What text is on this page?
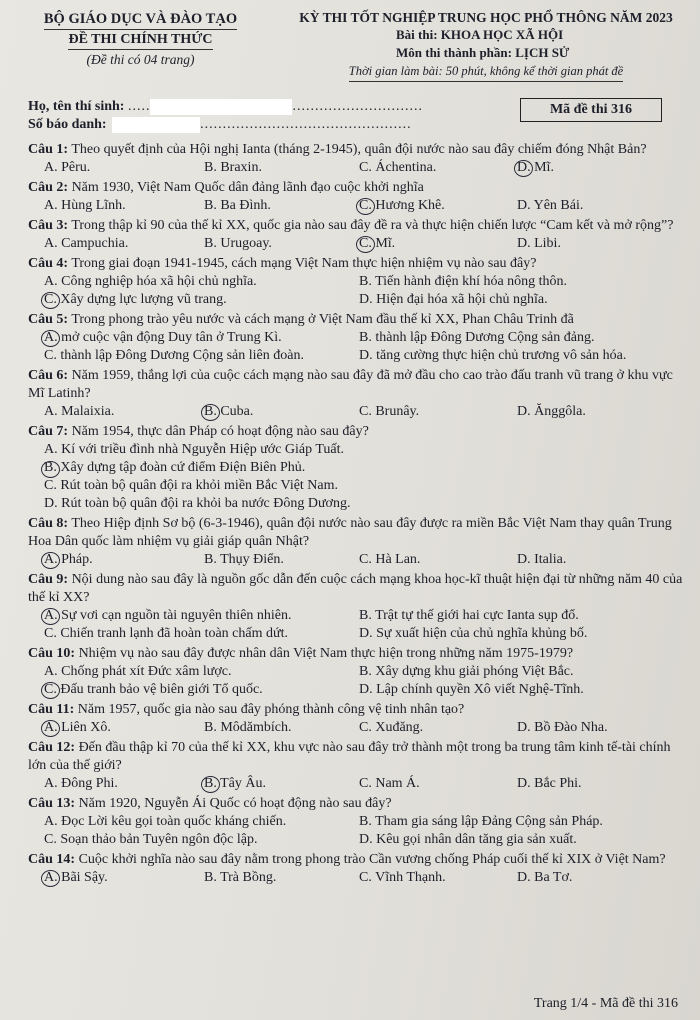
BỘ GIÁO DỤC VÀ ĐÀO TẠO
ĐỀ THI CHÍNH THỨC
(Đề thi có 04 trang)
KỲ THI TỐT NGHIỆP TRUNG HỌC PHỔ THÔNG NĂM 2023
Bài thi: KHOA HỌC XÃ HỘI
Môn thi thành phần: LỊCH SỬ
Thời gian làm bài: 50 phút, không kể thời gian phát đề
Họ, tên thí sinh: .....	.............................
Số báo danh:	...............................................
Mã đề thi 316
Câu 1: Theo quyết định của Hội nghị Ianta (tháng 2-1945), quân đội nước nào sau đây chiếm đóng Nhật Bản?
A. Pêru.	B. Braxin.	C. Áchentina.	D. Mĩ.
Câu 2: Năm 1930, Việt Nam Quốc dân đảng lãnh đạo cuộc khởi nghĩa
A. Hùng Lĩnh.	B. Ba Đình.	C. Hương Khê.	D. Yên Bái.
Câu 3: Trong thập kỉ 90 của thế kỉ XX, quốc gia nào sau đây đề ra và thực hiện chiến lược “Cam kết và mở rộng”?
A. Campuchia.	B. Urugoay.	C. Mĩ.	D. Libi.
Câu 4: Trong giai đoạn 1941-1945, cách mạng Việt Nam thực hiện nhiệm vụ nào sau đây?
A. Công nghiệp hóa xã hội chủ nghĩa.	B. Tiến hành điện khí hóa nông thôn.
C. Xây dựng lực lượng vũ trang.	D. Hiện đại hóa xã hội chủ nghĩa.
Câu 5: Trong phong trào yêu nước và cách mạng ở Việt Nam đầu thế kỉ XX, Phan Châu Trinh đã
A. mở cuộc vận động Duy tân ở Trung Kì.	B. thành lập Đông Dương Cộng sản đảng.
C. thành lập Đông Dương Cộng sản liên đoàn.	D. tăng cường thực hiện chủ trương vô sản hóa.
Câu 6: Năm 1959, thắng lợi của cuộc cách mạng nào sau đây đã mở đầu cho cao trào đấu tranh vũ trang ở khu vực Mĩ Latinh?
A. Malaixia.	B. Cuba.	C. Brunây.	D. Ănggôla.
Câu 7: Năm 1954, thực dân Pháp có hoạt động nào sau đây?
A. Kí với triều đình nhà Nguyễn Hiệp ước Giáp Tuất.
B. Xây dựng tập đoàn cứ điểm Điện Biên Phủ.
C. Rút toàn bộ quân đội ra khỏi miền Bắc Việt Nam.
D. Rút toàn bộ quân đội ra khỏi ba nước Đông Dương.
Câu 8: Theo Hiệp định Sơ bộ (6-3-1946), quân đội nước nào sau đây được ra miền Bắc Việt Nam thay quân Trung Hoa Dân quốc làm nhiệm vụ giải giáp quân Nhật?
A. Pháp.	B. Thụy Điển.	C. Hà Lan.	D. Italia.
Câu 9: Nội dung nào sau đây là nguồn gốc dẫn đến cuộc cách mạng khoa học-kĩ thuật hiện đại từ những năm 40 của thế kỉ XX?
A. Sự vơi cạn nguồn tài nguyên thiên nhiên.	B. Trật tự thế giới hai cực Ianta sụp đổ.
C. Chiến tranh lạnh đã hoàn toàn chấm dứt.	D. Sự xuất hiện của chủ nghĩa khủng bố.
Câu 10: Nhiệm vụ nào sau đây được nhân dân Việt Nam thực hiện trong những năm 1975-1979?
A. Chống phát xít Đức xâm lược.	B. Xây dựng khu giải phóng Việt Bắc.
C. Đấu tranh bảo vệ biên giới Tổ quốc.	D. Lập chính quyền Xô viết Nghệ-Tĩnh.
Câu 11: Năm 1957, quốc gia nào sau đây phóng thành công vệ tinh nhân tạo?
A. Liên Xô.	B. Môdămbích.	C. Xuđăng.	D. Bồ Đào Nha.
Câu 12: Đến đầu thập kỉ 70 của thế kỉ XX, khu vực nào sau đây trở thành một trong ba trung tâm kinh tế-tài chính lớn của thế giới?
A. Đông Phi.	B. Tây Âu.	C. Nam Á.	D. Bắc Phi.
Câu 13: Năm 1920, Nguyễn Ái Quốc có hoạt động nào sau đây?
A. Đọc Lời kêu gọi toàn quốc kháng chiến.	B. Tham gia sáng lập Đảng Cộng sản Pháp.
C. Soạn thảo bản Tuyên ngôn độc lập.	D. Kêu gọi nhân dân tăng gia sản xuất.
Câu 14: Cuộc khởi nghĩa nào sau đây nằm trong phong trào Cần vương chống Pháp cuối thế kỉ XIX ở Việt Nam?
A. Bãi Sậy.	B. Trà Bồng.	C. Vĩnh Thạnh.	D. Ba Tơ.
Trang 1/4 - Mã đề thi 316
